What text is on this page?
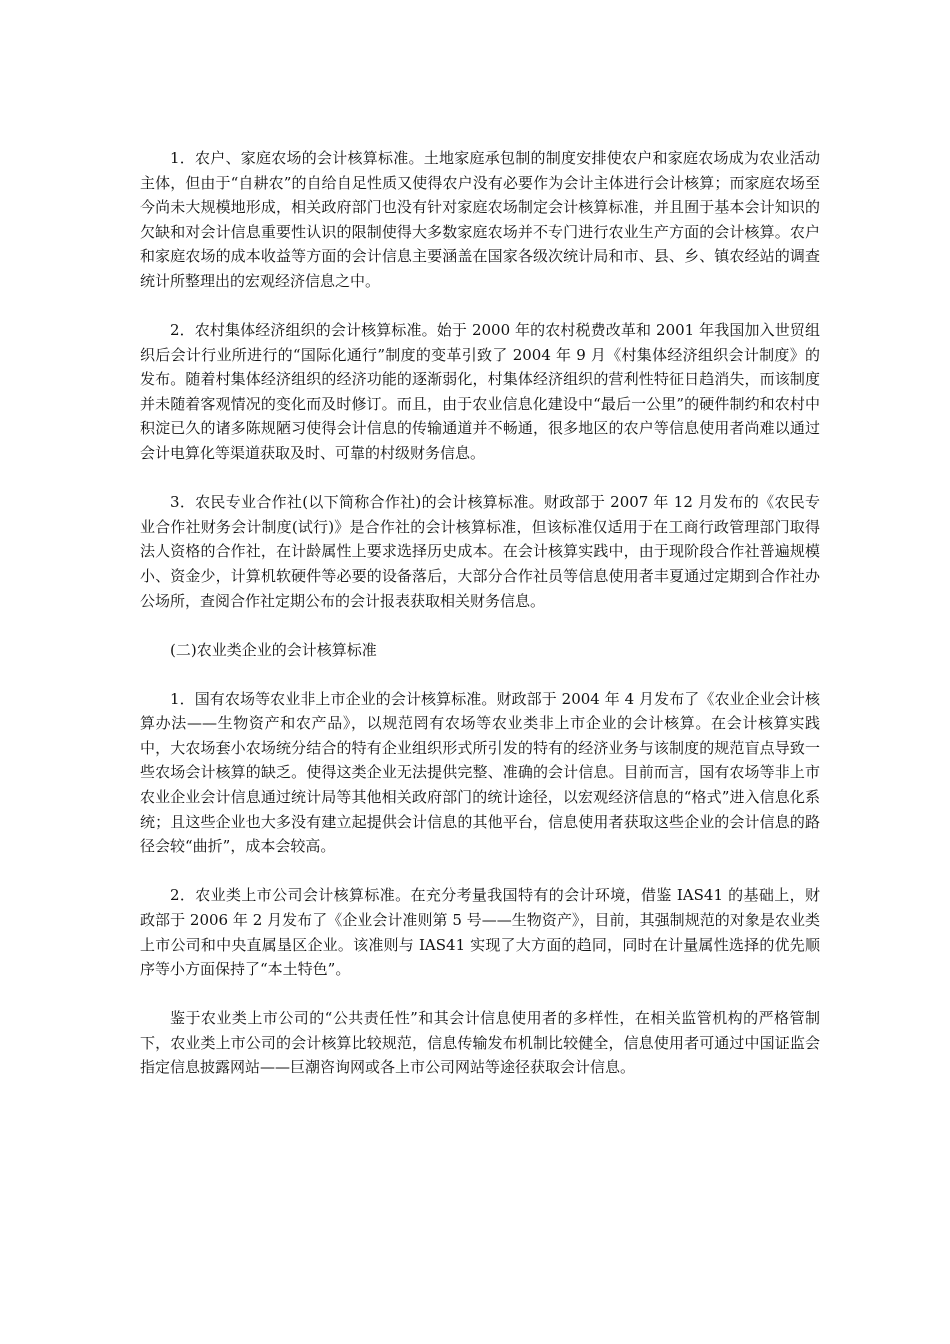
1．农户、家庭农场的会计核算标准。土地家庭承包制的制度安排使农户和家庭农场成为农业活动主体，但由于“自耕农”的自给自足性质又使得农户没有必要作为会计主体进行会计核算；而家庭农场至今尚未大规模地形成，相关政府部门也没有针对家庭农场制定会计核算标准，并且囿于基本会计知识的欠缺和对会计信息重要性认识的限制使得大多数家庭农场并不专门进行农业生产方面的会计核算。农户和家庭农场的成本收益等方面的会计信息主要涵盖在国家各级次统计局和市、县、乡、镇农经站的调查统计所整理出的宏观经济信息之中。

2．农村集体经济组织的会计核算标准。始于 2000 年的农村税费改革和 2001 年我国加入世贸组织后会计行业所进行的“国际化通行”制度的变革引致了 2004 年 9 月《村集体经济组织会计制度》的发布。随着村集体经济组织的经济功能的逐渐弱化，村集体经济组织的营利性特征日趋消失，而该制度并未随着客观情况的变化而及时修订。而且，由于农业信息化建设中“最后一公里”的硬件制约和农村中积淀已久的诸多陈规陋习使得会计信息的传输通道并不畅通，很多地区的农户等信息使用者尚难以通过会计电算化等渠道获取及时、可靠的村级财务信息。

3．农民专业合作社(以下简称合作社)的会计核算标准。财政部于 2007 年 12 月发布的《农民专业合作社财务会计制度(试行)》是合作社的会计核算标准，但该标准仅适用于在工商行政管理部门取得法人资格的合作社，在计龄属性上要求选择历史成本。在会计核算实践中，由于现阶段合作社普遍规模小、资金少，计算机软硬件等必要的设备落后，大部分合作社员等信息使用者丰夏通过定期到合作社办公场所，查阅合作社定期公布的会计报表获取相关财务信息。

(二)农业类企业的会计核算标准

1．国有农场等农业非上市企业的会计核算标准。财政部于 2004 年 4 月发布了《农业企业会计核算办法——生物资产和农产品》，以规范罔有农场等农业类非上市企业的会计核算。在会计核算实践中，大农场套小农场统分结合的特有企业组织形式所引发的特有的经济业务与该制度的规范盲点导致一些农场会计核算的缺乏。使得这类企业无法提供完整、准确的会计信息。目前而言，国有农场等非上市农业企业会计信息通过统计局等其他相关政府部门的统计途径，以宏观经济信息的“格式”进入信息化系统；且这些企业也大多没有建立起提供会计信息的其他平台，信息使用者获取这些企业的会计信息的路径会较“曲折”，成本会较高。

2．农业类上市公司会计核算标准。在充分考量我国特有的会计环境，借鉴 IAS41 的基础上，财政部于 2006 年 2 月发布了《企业会计准则第 5 号——生物资产》，目前，其强制规范的对象是农业类上市公司和中央直属垦区企业。该准则与 IAS41 实现了大方面的趋同，同时在计量属性选择的优先顺序等小方面保持了“本土特色”。

鉴于农业类上市公司的“公共责任性”和其会计信息使用者的多样性，在相关监管机构的严格管制下，农业类上市公司的会计核算比较规范，信息传输发布机制比较健全，信息使用者可通过中国证监会指定信息披露网站——巨潮咨询网或各上市公司网站等途径获取会计信息。
